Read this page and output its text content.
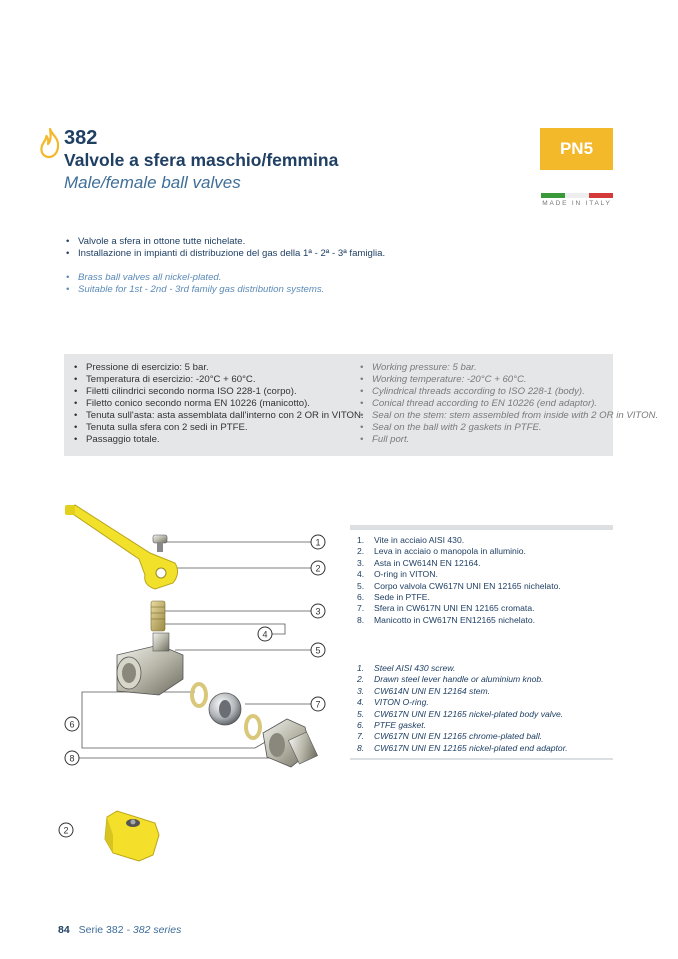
382
Valvole a sfera maschio/femmina
Male/female ball valves
PN5
MADE IN ITALY
• Valvole a sfera in ottone tutte nichelate.
• Installazione in impianti di distribuzione del gas della 1ª - 2ª - 3ª famiglia.
• Brass ball valves all nickel-plated.
• Suitable for 1st - 2nd - 3rd family gas distribution systems.
• Pressione di esercizio: 5 bar.
• Temperatura di esercizio: -20°C + 60°C.
• Filetti cilindrici secondo norma ISO 228-1 (corpo).
• Filetto conico secondo norma EN 10226 (manicotto).
• Tenuta sull'asta: asta assemblata dall'interno con 2 OR in VITON.
• Tenuta sulla sfera con 2 sedi in PTFE.
• Passaggio totale.
• Working pressure: 5 bar.
• Working temperature: -20°C + 60°C.
• Cylindrical threads according to ISO 228-1 (body).
• Conical thread according to EN 10226 (end adaptor).
• Seal on the stem: stem assembled from inside with 2 OR in VITON.
• Seal on the ball with 2 gaskets in PTFE.
• Full port.
1
2
3
4
5
6
7
8
2
1. Vite in acciaio AISI 430.
2. Leva in acciaio o manopola in alluminio.
3. Asta in CW614N EN 12164.
4. O-ring in VITON.
5. Corpo valvola CW617N UNI EN 12165 nichelato.
6. Sede in PTFE.
7. Sfera in CW617N UNI EN 12165 cromata.
8. Manicotto in CW617N EN12165 nichelato.
1. Steel AISI 430 screw.
2. Drawn steel lever handle or aluminium knob.
3. CW614N UNI EN 12164 stem.
4. VITON O-ring.
5. CW617N UNI EN 12165 nickel-plated body valve.
6. PTFE gasket.
7. CW617N UNI EN 12165 chrome-plated ball.
8. CW617N UNI EN 12165 nickel-plated end adaptor.
84 Serie 382 - 382 series
